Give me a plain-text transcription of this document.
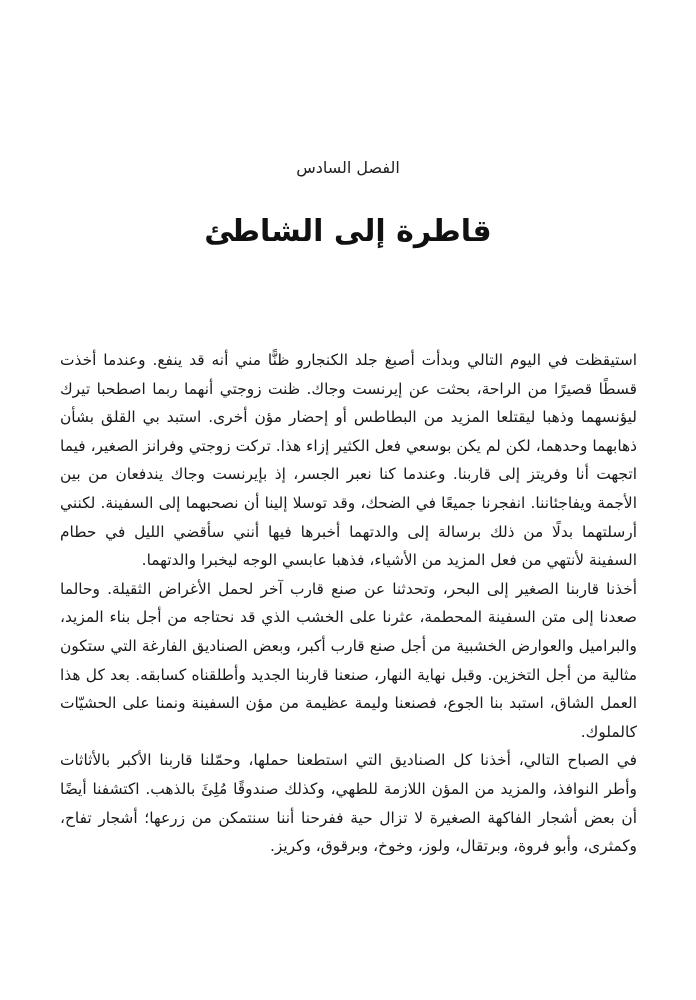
الفصل السادس
قاطرة إلى الشاطئ

استيقظت في اليوم التالي وبدأت أصبغ جلد الكنجارو ظنًّا مني أنه قد ينفع. وعندما أخذت قسطًا قصيرًا من الراحة، بحثت عن إيرنست وجاك. ظنت زوجتي أنهما ربما اصطحبا تيرك ليؤنسهما وذهبا ليقتلعا المزيد من البطاطس أو إحضار مؤن أخرى. استبد بي القلق بشأن ذهابهما وحدهما، لكن لم يكن بوسعي فعل الكثير إزاء هذا. تركت زوجتي وفرانز الصغير، فيما اتجهت أنا وفريتز إلى قاربنا. وعندما كنا نعبر الجسر، إذ بإيرنست وجاك يندفعان من بين الأجمة ويفاجئاننا. انفجرنا جميعًا في الضحك، وقد توسلا إلينا أن نصحبهما إلى السفينة. لكنني أرسلتهما بدلًا من ذلك برسالة إلى والدتهما أخبرها فيها أنني سأقضي الليل في حطام السفينة لأنتهي من فعل المزيد من الأشياء، فذهبا عابسي الوجه ليخبرا والدتهما.

أخذنا قاربنا الصغير إلى البحر، وتحدثنا عن صنع قارب آخر لحمل الأغراض الثقيلة. وحالما صعدنا إلى متن السفينة المحطمة، عثرنا على الخشب الذي قد نحتاجه من أجل بناء المزيد، والبراميل والعوارض الخشبية من أجل صنع قارب أكبر، وبعض الصناديق الفارغة التي ستكون مثالية من أجل التخزين. وقبل نهاية النهار، صنعنا قاربنا الجديد وأطلقناه كسابقه. بعد كل هذا العمل الشاق، استبد بنا الجوع، فصنعنا وليمة عظيمة من مؤن السفينة ونمنا على الحشيّات كالملوك.

في الصباح التالي، أخذنا كل الصناديق التي استطعنا حملها، وحمّلنا قاربنا الأكبر بالأثاثات وأطر النوافذ، والمزيد من المؤن اللازمة للطهي، وكذلك صندوقًا مُلِئَ بالذهب. اكتشفنا أيضًا أن بعض أشجار الفاكهة الصغيرة لا تزال حية ففرحنا أننا سنتمكن من زرعها؛ أشجار تفاح، وكمثرى، وأبو فروة، وبرتقال، ولوز، وخوخ، وبرقوق، وكريز.
